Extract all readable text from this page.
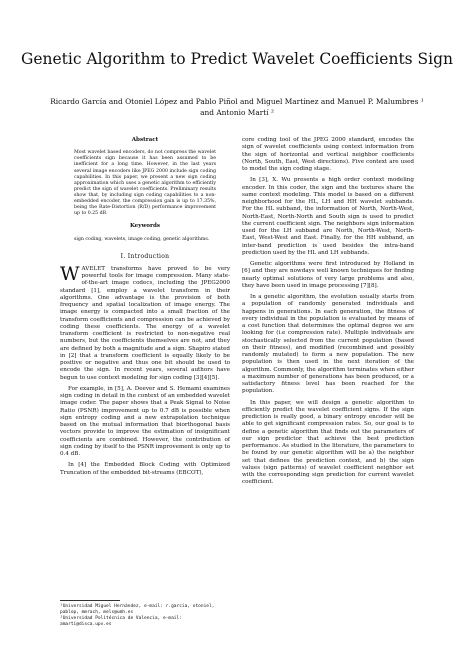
Genetic Algorithm to Predict Wavelet Coefficients Sign
Ricardo García and Otoniel López and Pablo Piñol and Miguel Martínez and Manuel P. Malumbres ¹ and Antonio Martí ²
Abstract
Most wavelet based encoders, do not compress the wavelet coefficients sign because it has been assumed to be inefficient for a long time. However, in the last years several image encoders like JPEG 2000 include sign coding capabilities. In this paper, we present a new sign coding approximation which uses a genetic algorithm to efficiently predict the sign of wavelet coefficients. Preliminary results show that, by including sign coding capabilities to a non-embedded encoder, the compression gain is up to 17.35%, being the Rate-Distortion (R/D) performance improvement up to 0.25 dB.
Keywords
sign coding, wavelets, image coding, genetic algorithms.
I. Introduction

WAVELET transforms have proved to be very powerful tools for image compression. Many state-of-the-art image codecs, including the JPEG2000 standard [1], employ a wavelet transform in their algorithms. One advantage is the provision of both frequency and spatial localization of image energy. The image energy is compacted into a small fraction of the transform coefficients and compression can be achieved by coding these coefficients. The energy of a wavelet transform coefficient is restricted to non-negative real numbers, but the coefficients themselves are not, and they are defined by both a magnitude and a sign. Shapiro stated in [2] that a transform coefficient is equally likely to be positive or negative and thus one bit should be used to encode the sign. In recent years, several authors have begun to use context modeling for sign coding [3][4][5].

For example, in [5], A. Deever and S. Hemami examines sign coding in detail in the context of an embedded wavelet image coder. The paper shows that a Peak Signal to Noise Ratio (PSNR) improvement up to 0.7 dB is possible when sign entropy coding and a new extrapolation technique based on the mutual information that biorthogonal basis vectors provide to improve the estimation of insignificant coefficients are combined. However, the contribution of sign coding by itself to the PSNR improvement is only up to 0.4 dB.

In [4] the Embedded Block Coding with Optimized Truncation of the embedded bit-streams (EBCOT),

core coding tool of the JPEG 2000 standard, encodes the sign of wavelet coefficients using context information from the sign of horizontal and vertical neighbor coefficients (North, South, East, West directions). Five context are used to model the sign coding stage.

In [3], X. Wu presents a high order context modeling encoder. In this coder, the sign and the textures share the same context modeling. This model is based on a different neighborhood for the HL, LH and HH wavelet subbands. For the HL subband, the information of North, North-West, North-East, North-North and South sign is used to predict the current coefficient sign. The neighbors sign information used for the LH subband are North, North-West, North-East, West-West and East. Finally, for the HH subband, an inter-band prediction is used besides the intra-band prediction used by the HL and LH subbands.

Genetic algorithms were first introduced by Holland in [6] and they are nowdays well known techniques for finding nearly optimal solutions of very large problems and also, they have been used in image processing [7][8].

In a genetic algorithm, the evolution usually starts from a population of randomly generated individuals and happens in generations. In each generation, the fitness of every individual in the population is evaluated by means of a cost function that determines the optimal degree we are looking for (i.e compression rate). Multiple individuals are stochastically selected from the current population (based on their fitness), and modified (recombined and possibly randomly mutated) to form a new population. The new population is then used in the next iteration of the algorithm. Commonly, the algorithm terminates when either a maximum number of generations has been produced, or a satisfactory fitness level has been reached for the population.

In this paper, we will design a genetic algorithm to efficiently predict the wavelet coefficient signs. If the sign prediction is really good, a binary entropy encoder will be able to get significant compression rates. So, our goal is to define a genetic algorithm that finds out the parameters of our sign predictor that achieve the best prediction performance. As studied in the literature, the parameters to be found by our genetic algorithm will be a) the neighbor set that defines the prediction context, and b) the sign values (sign patterns) of wavelet coefficient neighbor set with the corresponding sign prediction for current wavelet coefficient.

¹Universidad Miguel Hernández, e-mail: r.garcia, otoniel, pablop, mmrach, mels@umh.es
²Universidad Politécnica de Valencia, e-mail: amarti@disca.upv.es
